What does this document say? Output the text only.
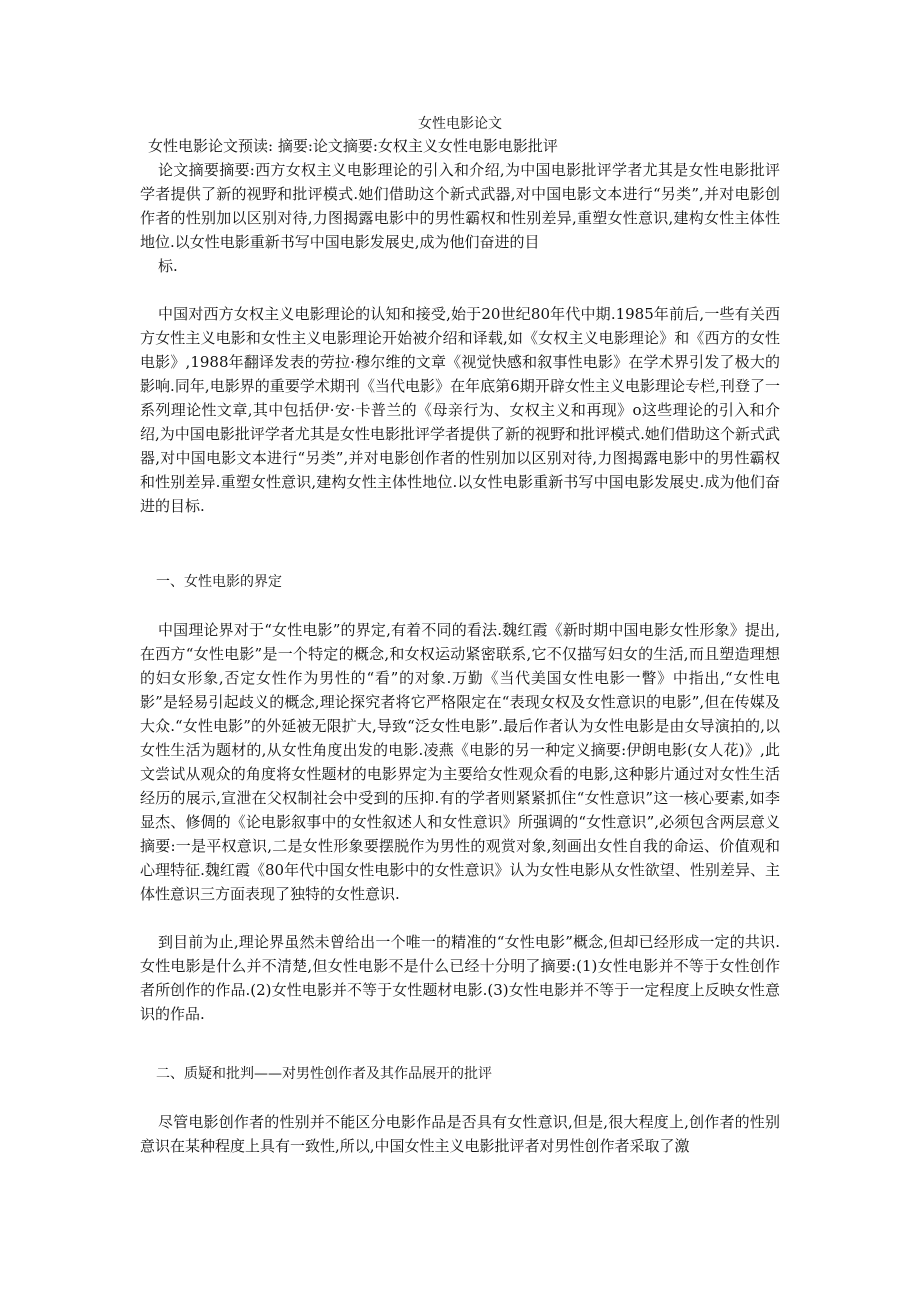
女性电影论文

女性电影论文预读: 摘要:论文摘要:女权主义女性电影电影批评

论文摘要摘要:西方女权主义电影理论的引入和介绍,为中国电影批评学者尤其是女性电影批评学者提供了新的视野和批评模式.她们借助这个新式武器,对中国电影文本进行“另类”,并对电影创作者的性别加以区别对待,力图揭露电影中的男性霸权和性别差异,重塑女性意识,建构女性主体性地位.以女性电影重新书写中国电影发展史,成为他们奋进的目

标.

中国对西方女权主义电影理论的认知和接受,始于20世纪80年代中期.1985年前后,一些有关西方女性主义电影和女性主义电影理论开始被介绍和译载,如《女权主义电影理论》和《西方的女性电影》,1988年翻译发表的劳拉·穆尔维的文章《视觉快感和叙事性电影》在学术界引发了极大的影响.同年,电影界的重要学术期刊《当代电影》在年底第6期开辟女性主义电影理论专栏,刊登了一系列理论性文章,其中包括伊·安·卡普兰的《母亲行为、女权主义和再现》o这些理论的引入和介绍,为中国电影批评学者尤其是女性电影批评学者提供了新的视野和批评模式.她们借助这个新式武器,对中国电影文本进行“另类”,并对电影创作者的性别加以区别对待,力图揭露电影中的男性霸权和性别差异.重塑女性意识,建构女性主体性地位.以女性电影重新书写中国电影发展史.成为他们奋进的目标.

一、女性电影的界定

中国理论界对于“女性电影”的界定,有着不同的看法.魏红霞《新时期中国电影女性形象》提出,在西方“女性电影”是一个特定的概念,和女权运动紧密联系,它不仅描写妇女的生活,而且塑造理想的妇女形象,否定女性作为男性的“看”的对象.万勤《当代美国女性电影一瞥》中指出,“女性电影”是轻易引起歧义的概念,理论探究者将它严格限定在“表现女权及女性意识的电影”,但在传媒及大众.“女性电影”的外延被无限扩大,导致“泛女性电影”.最后作者认为女性电影是由女导演拍的,以女性生活为题材的,从女性角度出发的电影.凌燕《电影的另一种定义摘要:伊朗电影(女人花)》,此文尝试从观众的角度将女性题材的电影界定为主要给女性观众看的电影,这种影片通过对女性生活经历的展示,宣泄在父权制社会中受到的压抑.有的学者则紧紧抓住“女性意识”这一核心要素,如李显杰、修倜的《论电影叙事中的女性叙述人和女性意识》所强调的“女性意识”,必须包含两层意义摘要:一是平权意识,二是女性形象要摆脱作为男性的观赏对象,刻画出女性自我的命运、价值观和心理特征.魏红霞《80年代中国女性电影中的女性意识》认为女性电影从女性欲望、性别差异、主体性意识三方面表现了独特的女性意识.

到目前为止,理论界虽然未曾给出一个唯一的精准的“女性电影”概念,但却已经形成一定的共识.女性电影是什么并不清楚,但女性电影不是什么已经十分明了摘要:(1)女性电影并不等于女性创作者所创作的作品.(2)女性电影并不等于女性题材电影.(3)女性电影并不等于一定程度上反映女性意识的作品.

二、质疑和批判——对男性创作者及其作品展开的批评

尽管电影创作者的性别并不能区分电影作品是否具有女性意识,但是,很大程度上,创作者的性别意识在某种程度上具有一致性,所以,中国女性主义电影批评者对男性创作者采取了激
